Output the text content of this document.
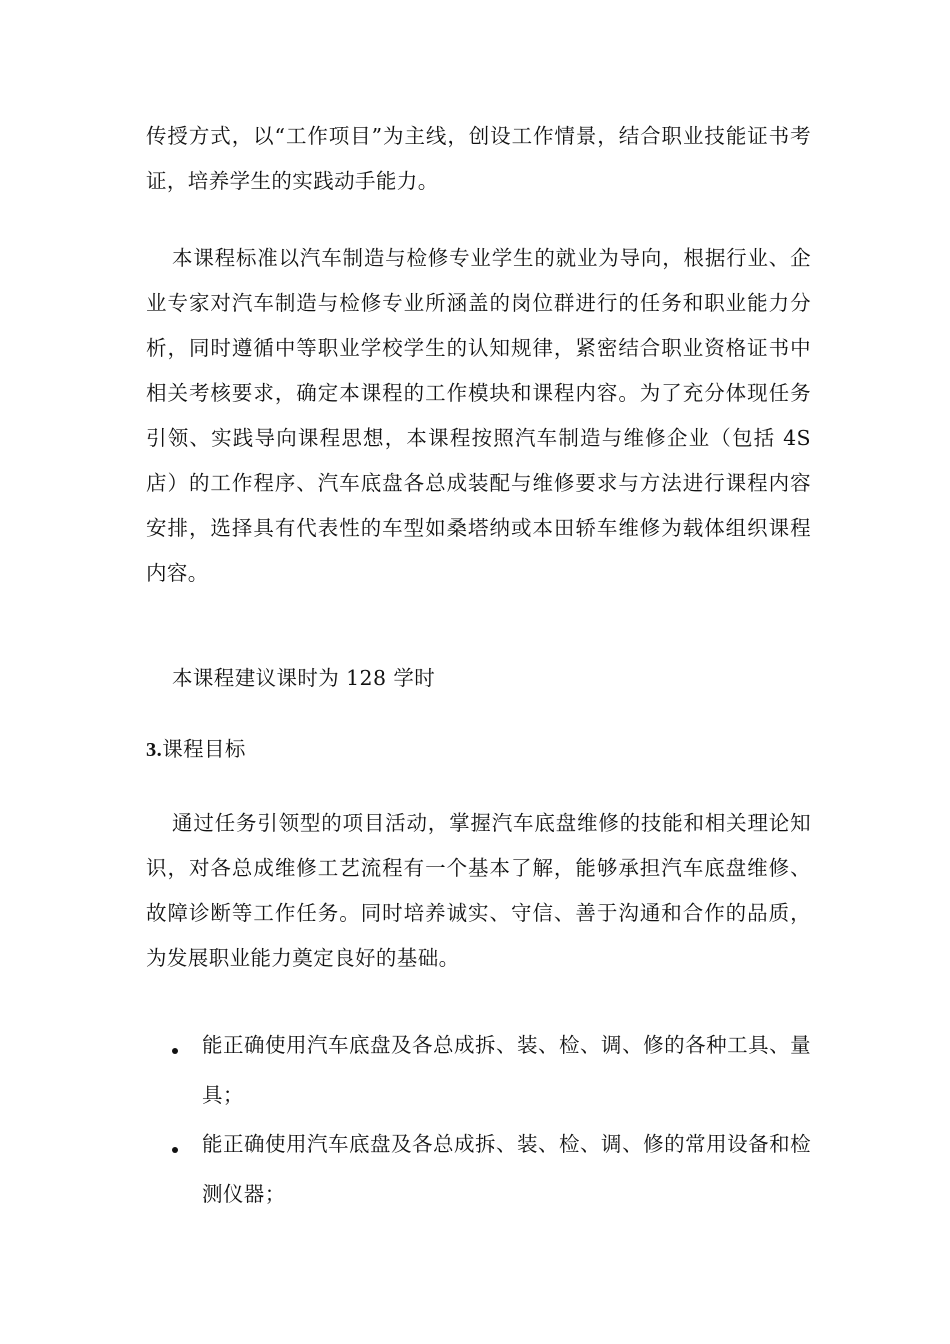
传授方式，以“工作项目”为主线，创设工作情景，结合职业技能证书考证，培养学生的实践动手能力。

本课程标准以汽车制造与检修专业学生的就业为导向，根据行业、企业专家对汽车制造与检修专业所涵盖的岗位群进行的任务和职业能力分析，同时遵循中等职业学校学生的认知规律，紧密结合职业资格证书中相关考核要求，确定本课程的工作模块和课程内容。为了充分体现任务引领、实践导向课程思想，本课程按照汽车制造与维修企业（包括 4S 店）的工作程序、汽车底盘各总成装配与维修要求与方法进行课程内容安排，选择具有代表性的车型如桑塔纳或本田轿车维修为载体组织课程内容。

本课程建议课时为 128 学时

3.课程目标

通过任务引领型的项目活动，掌握汽车底盘维修的技能和相关理论知识，对各总成维修工艺流程有一个基本了解，能够承担汽车底盘维修、故障诊断等工作任务。同时培养诚实、守信、善于沟通和合作的品质，为发展职业能力奠定良好的基础。

能正确使用汽车底盘及各总成拆、装、检、调、修的各种工具、量具；
能正确使用汽车底盘及各总成拆、装、检、调、修的常用设备和检测仪器；
